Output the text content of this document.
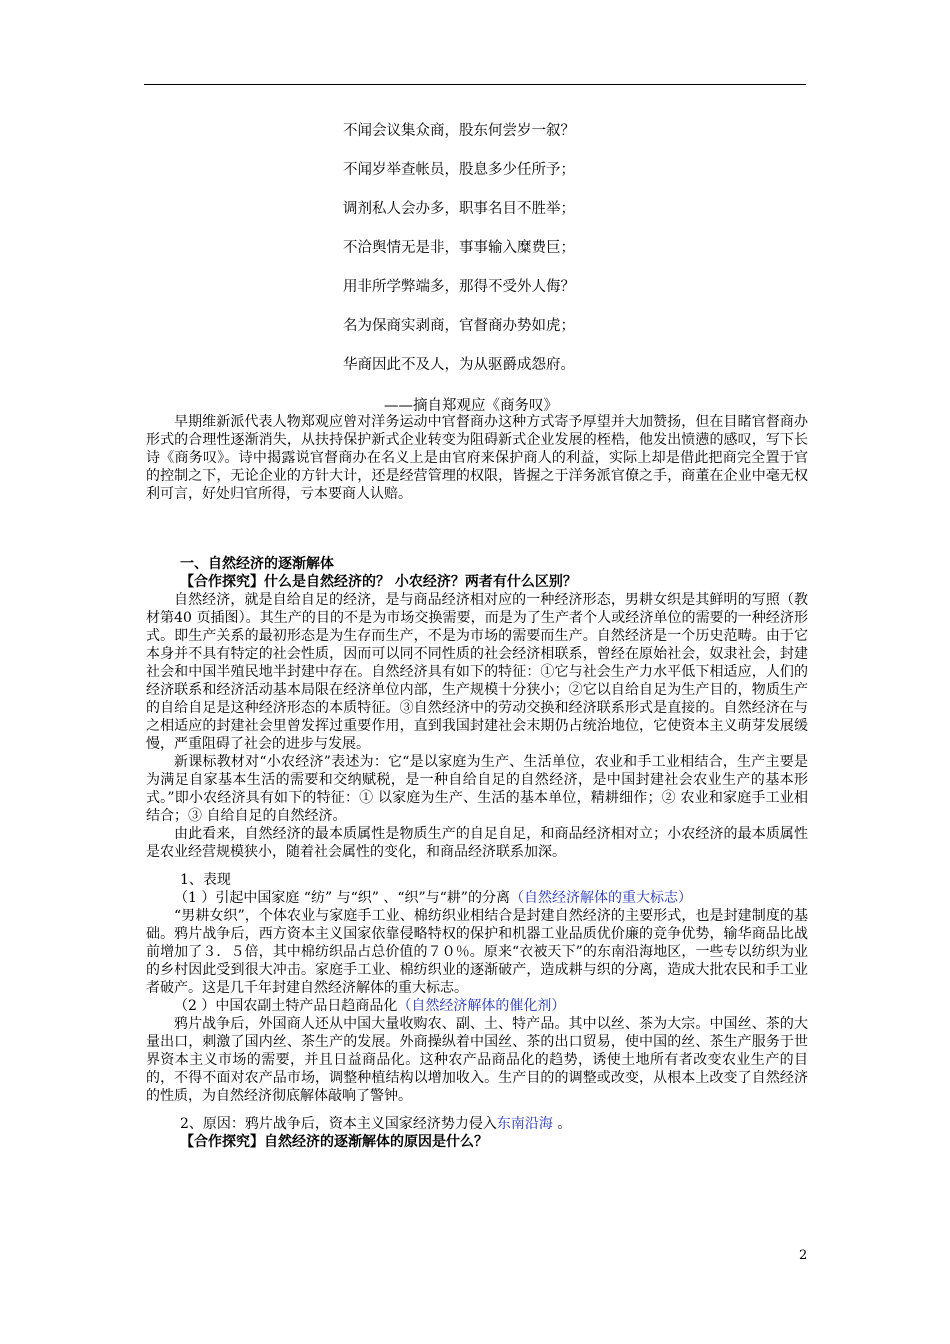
不闻会议集众商，股东何尝岁一叙？
不闻岁举查帐员，股息多少任所予；
调剂私人会办多，职事名目不胜举；
不洽舆情无是非，事事输入糜费巨；
用非所学弊端多，那得不受外人侮？
名为保商实剥商，官督商办势如虎；
华商因此不及人，为从驱爵成怨府。
——摘自郑观应《商务叹》

早期维新派代表人物郑观应曾对洋务运动中官督商办这种方式寄予厚望并大加赞扬，但在目睹官督商办形式的合理性逐渐消失，从扶持保护新式企业转变为阻碍新式企业发展的桎梏，他发出愤懑的感叹，写下长诗《商务叹》。诗中揭露说官督商办在名义上是由官府来保护商人的利益，实际上却是借此把商完全置于官的控制之下，无论企业的方针大计，还是经营管理的权限，皆握之于洋务派官僚之手，商董在企业中毫无权利可言，好处归官所得，亏本要商人认赔。

一、自然经济的逐渐解体

【合作探究】什么是自然经济的？ 小农经济？两者有什么区别？

自然经济，就是自给自足的经济，是与商品经济相对应的一种经济形态，男耕女织是其鲜明的写照（教材第40 页插图）。其生产的目的不是为市场交换需要，而是为了生产者个人或经济单位的需要的一种经济形式。即生产关系的最初形态是为生存而生产，不是为市场的需要而生产。自然经济是一个历史范畴。由于它本身并不具有特定的社会性质，因而可以同不同性质的社会经济相联系，曾经在原始社会，奴隶社会，封建社会和中国半殖民地半封建中存在。自然经济具有如下的特征：①它与社会生产力水平低下相适应，人们的经济联系和经济活动基本局限在经济单位内部，生产规模十分狭小；②它以自给自足为生产目的，物质生产的自给自足是这种经济形态的本质特征。③自然经济中的劳动交换和经济联系形式是直接的。自然经济在与之相适应的封建社会里曾发挥过重要作用，直到我国封建社会末期仍占统治地位，它使资本主义萌芽发展缓慢，严重阻碍了社会的进步与发展。

新课标教材对“小农经济”表述为：它“是以家庭为生产、生活单位，农业和手工业相结合，生产主要是为满足自家基本生活的需要和交纳赋税，是一种自给自足的自然经济，是中国封建社会农业生产的基本形式。”即小农经济具有如下的特征：① 以家庭为生产、生活的基本单位，精耕细作；② 农业和家庭手工业相结合；③ 自给自足的自然经济。

由此看来，自然经济的最本质属性是物质生产的自足自足，和商品经济相对立；小农经济的最本质属性是农业经营规模狭小，随着社会属性的变化，和商品经济联系加深。

1、表现

（1 ）引起中国家庭 “纺” 与“织” 、“织”与“耕”的分离（自然经济解体的重大标志）

“男耕女织”，个体农业与家庭手工业、棉纺织业相结合是封建自然经济的主要形式，也是封建制度的基础。鸦片战争后，西方资本主义国家依靠侵略特权的保护和机器工业品质优价廉的竞争优势，输华商品比战前增加了３．５倍，其中棉纺织品占总价值的７０％。原来“衣被天下”的东南沿海地区，一些专以纺织为业的乡村因此受到很大冲击。家庭手工业、棉纺织业的逐渐破产，造成耕与织的分离，造成大批农民和手工业者破产。这是几千年封建自然经济解体的重大标志。

（2 ）中国农副土特产品日趋商品化（自然经济解体的催化剂）

鸦片战争后，外国商人还从中国大量收购农、副、土、特产品。其中以丝、茶为大宗。中国丝、茶的大量出口，刺激了国内丝、茶生产的发展。外商操纵着中国丝、茶的出口贸易，使中国的丝、茶生产服务于世界资本主义市场的需要，并且日益商品化。这种农产品商品化的趋势，诱使土地所有者改变农业生产的目的，不得不面对农产品市场，调整种植结构以增加收入。生产目的的调整或改变，从根本上改变了自然经济的性质，为自然经济彻底解体敲响了警钟。

2、原因：鸦片战争后，资本主义国家经济势力侵入东南沿海 。

【合作探究】自然经济的逐渐解体的原因是什么？

2
